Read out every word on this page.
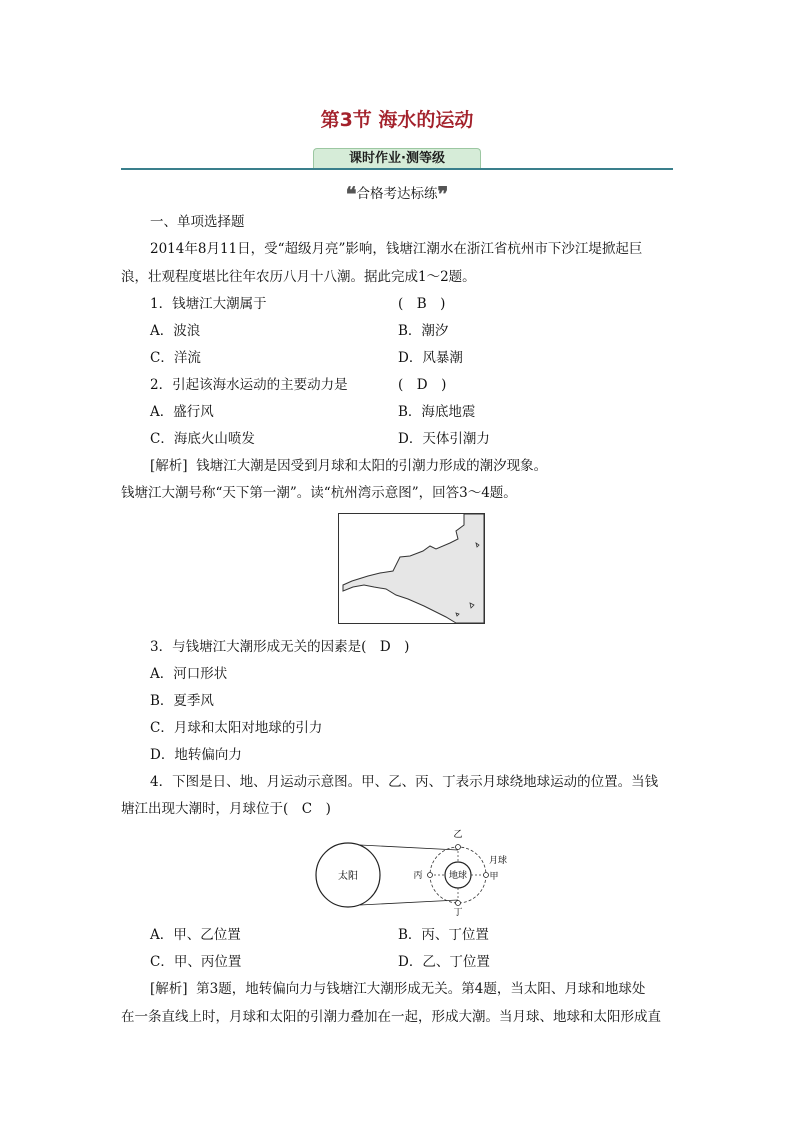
第3节 海水的运动
课时作业·测等级
❝合格考达标练❞
一、单项选择题
2014年8月11日，受“超级月亮”影响，钱塘江潮水在浙江省杭州市下沙江堤掀起巨
浪，壮观程度堪比往年农历八月十八潮。据此完成1～2题。
1．钱塘江大潮属于	(　B　)
A．波浪	B．潮汐
C．洋流	D．风暴潮
2．引起该海水运动的主要动力是	(　D　)
A．盛行风	B．海底地震
C．海底火山喷发	D．天体引潮力
[解析] 钱塘江大潮是因受到月球和太阳的引潮力形成的潮汐现象。
钱塘江大潮号称“天下第一潮”。读“杭州湾示意图”，回答3～4题。
3．与钱塘江大潮形成无关的因素是(　D　)
A．河口形状
B．夏季风
C．月球和太阳对地球的引力
D．地转偏向力
4．下图是日、地、月运动示意图。甲、乙、丙、丁表示月球绕地球运动的位置。当钱
塘江出现大潮时，月球位于(　C　)
太阳	地球
月球
甲
乙
丙
丁
A．甲、乙位置	B．丙、丁位置
C．甲、丙位置	D．乙、丁位置
[解析] 第3题，地转偏向力与钱塘江大潮形成无关。第4题，当太阳、月球和地球处
在一条直线上时，月球和太阳的引潮力叠加在一起，形成大潮。当月球、地球和太阳形成直
